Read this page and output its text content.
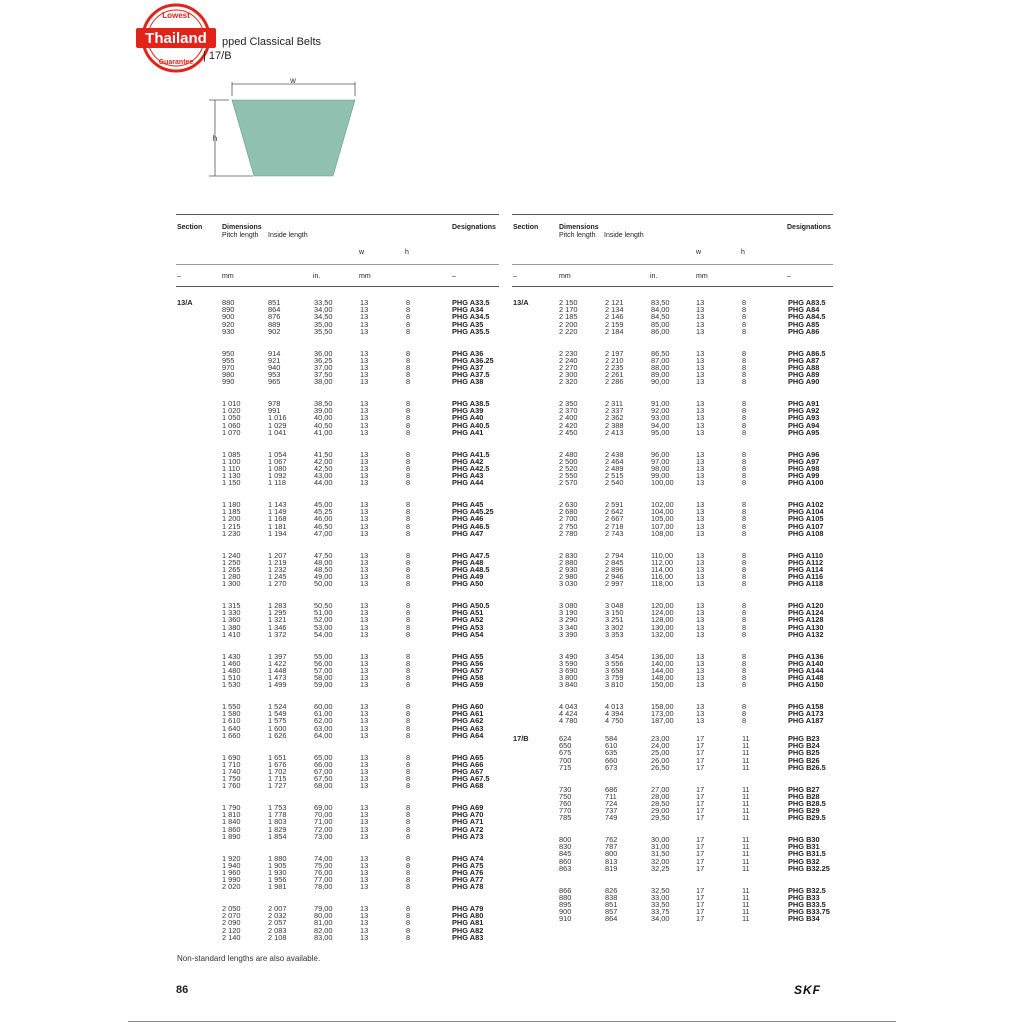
Lowest
Thailand
Guarantee
pped Classical Belts
| 17/B
w
h
Section	Dimensions
Pitch length Inside length
w	h
Designations
–	mm	in.	mm	–
Section	Dimensions
Pitch length Inside length
w	h
Designations
–	mm	in.	mm	–
13/A	13/A
17/B
880	851	33,50	13	8	PHG A33.5
890	864	34,00	13	8	PHG A34
900	876	34,50	13	8	PHG A34.5
920	889	35,00	13	8	PHG A35
930	902	35,50	13	8	PHG A35.5
950	914	36,00	13	8	PHG A36
955	921	36,25	13	8	PHG A36.25
970	940	37,00	13	8	PHG A37
980	953	37,50	13	8	PHG A37.5
990	965	38,00	13	8	PHG A38
1 010	978	38,50	13	8	PHG A38.5
1 020	991	39,00	13	8	PHG A39
1 050	1 016	40,00	13	8	PHG A40
1 060	1 029	40,50	13	8	PHG A40.5
1 070	1 041	41,00	13	8	PHG A41
1 085	1 054	41,50	13	8	PHG A41.5
1 100	1 067	42,00	13	8	PHG A42
1 110	1 080	42,50	13	8	PHG A42.5
1 130	1 092	43,00	13	8	PHG A43
1 150	1 118	44,00	13	8	PHG A44
1 180	1 143	45,00	13	8	PHG A45
1 185	1 149	45,25	13	8	PHG A45.25
1 200	1 168	46,00	13	8	PHG A46
1 215	1 181	46,50	13	8	PHG A46.5
1 230	1 194	47,00	13	8	PHG A47
1 240	1 207	47,50	13	8	PHG A47.5
1 250	1 219	48,00	13	8	PHG A48
1 265	1 232	48,50	13	8	PHG A48.5
1 280	1 245	49,00	13	8	PHG A49
1 300	1 270	50,00	13	8	PHG A50
1 315	1 283	50,50	13	8	PHG A50.5
1 330	1 295	51,00	13	8	PHG A51
1 360	1 321	52,00	13	8	PHG A52
1 380	1 346	53,00	13	8	PHG A53
1 410	1 372	54,00	13	8	PHG A54
1 430	1 397	55,00	13	8	PHG A55
1 460	1 422	56,00	13	8	PHG A56
1 480	1 448	57,00	13	8	PHG A57
1 510	1 473	58,00	13	8	PHG A58
1 530	1 499	59,00	13	8	PHG A59
1 550	1 524	60,00	13	8	PHG A60
1 580	1 549	61,00	13	8	PHG A61
1 610	1 575	62,00	13	8	PHG A62
1 640	1 600	63,00	13	8	PHG A63
1 660	1 626	64,00	13	8	PHG A64
1 690	1 651	65,00	13	8	PHG A65
1 710	1 676	66,00	13	8	PHG A66
1 740	1 702	67,00	13	8	PHG A67
1 750	1 715	67,50	13	8	PHG A67.5
1 760	1 727	68,00	13	8	PHG A68
1 790	1 753	69,00	13	8	PHG A69
1 810	1 778	70,00	13	8	PHG A70
1 840	1 803	71,00	13	8	PHG A71
1 860	1 829	72,00	13	8	PHG A72
1 890	1 854	73,00	13	8	PHG A73
1 920	1 880	74,00	13	8	PHG A74
1 940	1 905	75,00	13	8	PHG A75
1 960	1 930	76,00	13	8	PHG A76
1 990	1 956	77,00	13	8	PHG A77
2 020	1 981	78,00	13	8	PHG A78
2 050	2 007	79,00	13	8	PHG A79
2 070	2 032	80,00	13	8	PHG A80
2 090	2 057	81,00	13	8	PHG A81
2 120	2 083	82,00	13	8	PHG A82
2 140	2 108	83,00	13	8	PHG A83
2 150	2 121	83,50	13	8	PHG A83.5
2 170	2 134	84,00	13	8	PHG A84
2 185	2 146	84,50	13	8	PHG A84.5
2 200	2 159	85,00	13	8	PHG A85
2 220	2 184	86,00	13	8	PHG A86
2 230	2 197	86,50	13	8	PHG A86.5
2 240	2 210	87,00	13	8	PHG A87
2 270	2 235	88,00	13	8	PHG A88
2 300	2 261	89,00	13	8	PHG A89
2 320	2 286	90,00	13	8	PHG A90
2 350	2 311	91,00	13	8	PHG A91
2 370	2 337	92,00	13	8	PHG A92
2 400	2 362	93,00	13	8	PHG A93
2 420	2 388	94,00	13	8	PHG A94
2 450	2 413	95,00	13	8	PHG A95
2 480	2 438	96,00	13	8	PHG A96
2 500	2 464	97,00	13	8	PHG A97
2 520	2 489	98,00	13	8	PHG A98
2 550	2 515	99,00	13	8	PHG A99
2 570	2 540	100,00	13	8	PHG A100
2 630	2 591	102,00	13	8	PHG A102
2 680	2 642	104,00	13	8	PHG A104
2 700	2 667	105,00	13	8	PHG A105
2 750	2 718	107,00	13	8	PHG A107
2 780	2 743	108,00	13	8	PHG A108
2 830	2 794	110,00	13	8	PHG A110
2 880	2 845	112,00	13	8	PHG A112
2 930	2 896	114,00	13	8	PHG A114
2 980	2 946	116,00	13	8	PHG A116
3 030	2 997	118,00	13	8	PHG A118
3 080	3 048	120,00	13	8	PHG A120
3 190	3 150	124,00	13	8	PHG A124
3 290	3 251	128,00	13	8	PHG A128
3 340	3 302	130,00	13	8	PHG A130
3 390	3 353	132,00	13	8	PHG A132
3 490	3 454	136,00	13	8	PHG A136
3 590	3 556	140,00	13	8	PHG A140
3 690	3 658	144,00	13	8	PHG A144
3 800	3 759	148,00	13	8	PHG A148
3 840	3 810	150,00	13	8	PHG A150
4 043	4 013	158,00	13	8	PHG A158
4 424	4 394	173,00	13	8	PHG A173
4 780	4 750	187,00	13	8	PHG A187
624	584	23,00	17	11	PHG B23
650	610	24,00	17	11	PHG B24
675	635	25,00	17	11	PHG B25
700	660	26,00	17	11	PHG B26
715	673	26,50	17	11	PHG B26.5
730	686	27,00	17	11	PHG B27
750	711	28,00	17	11	PHG B28
760	724	28,50	17	11	PHG B28.5
770	737	29,00	17	11	PHG B29
785	749	29,50	17	11	PHG B29.5
800	762	30,00	17	11	PHG B30
830	787	31,00	17	11	PHG B31
845	800	31,50	17	11	PHG B31.5
860	813	32,00	17	11	PHG B32
863	819	32,25	17	11	PHG B32.25
866	826	32,50	17	11	PHG B32.5
880	838	33,00	17	11	PHG B33
895	851	33,50	17	11	PHG B33.5
900	857	33,75	17	11	PHG B33.75
910	864	34,00	17	11	PHG B34
Non-standard lengths are also available.
86	SKF
